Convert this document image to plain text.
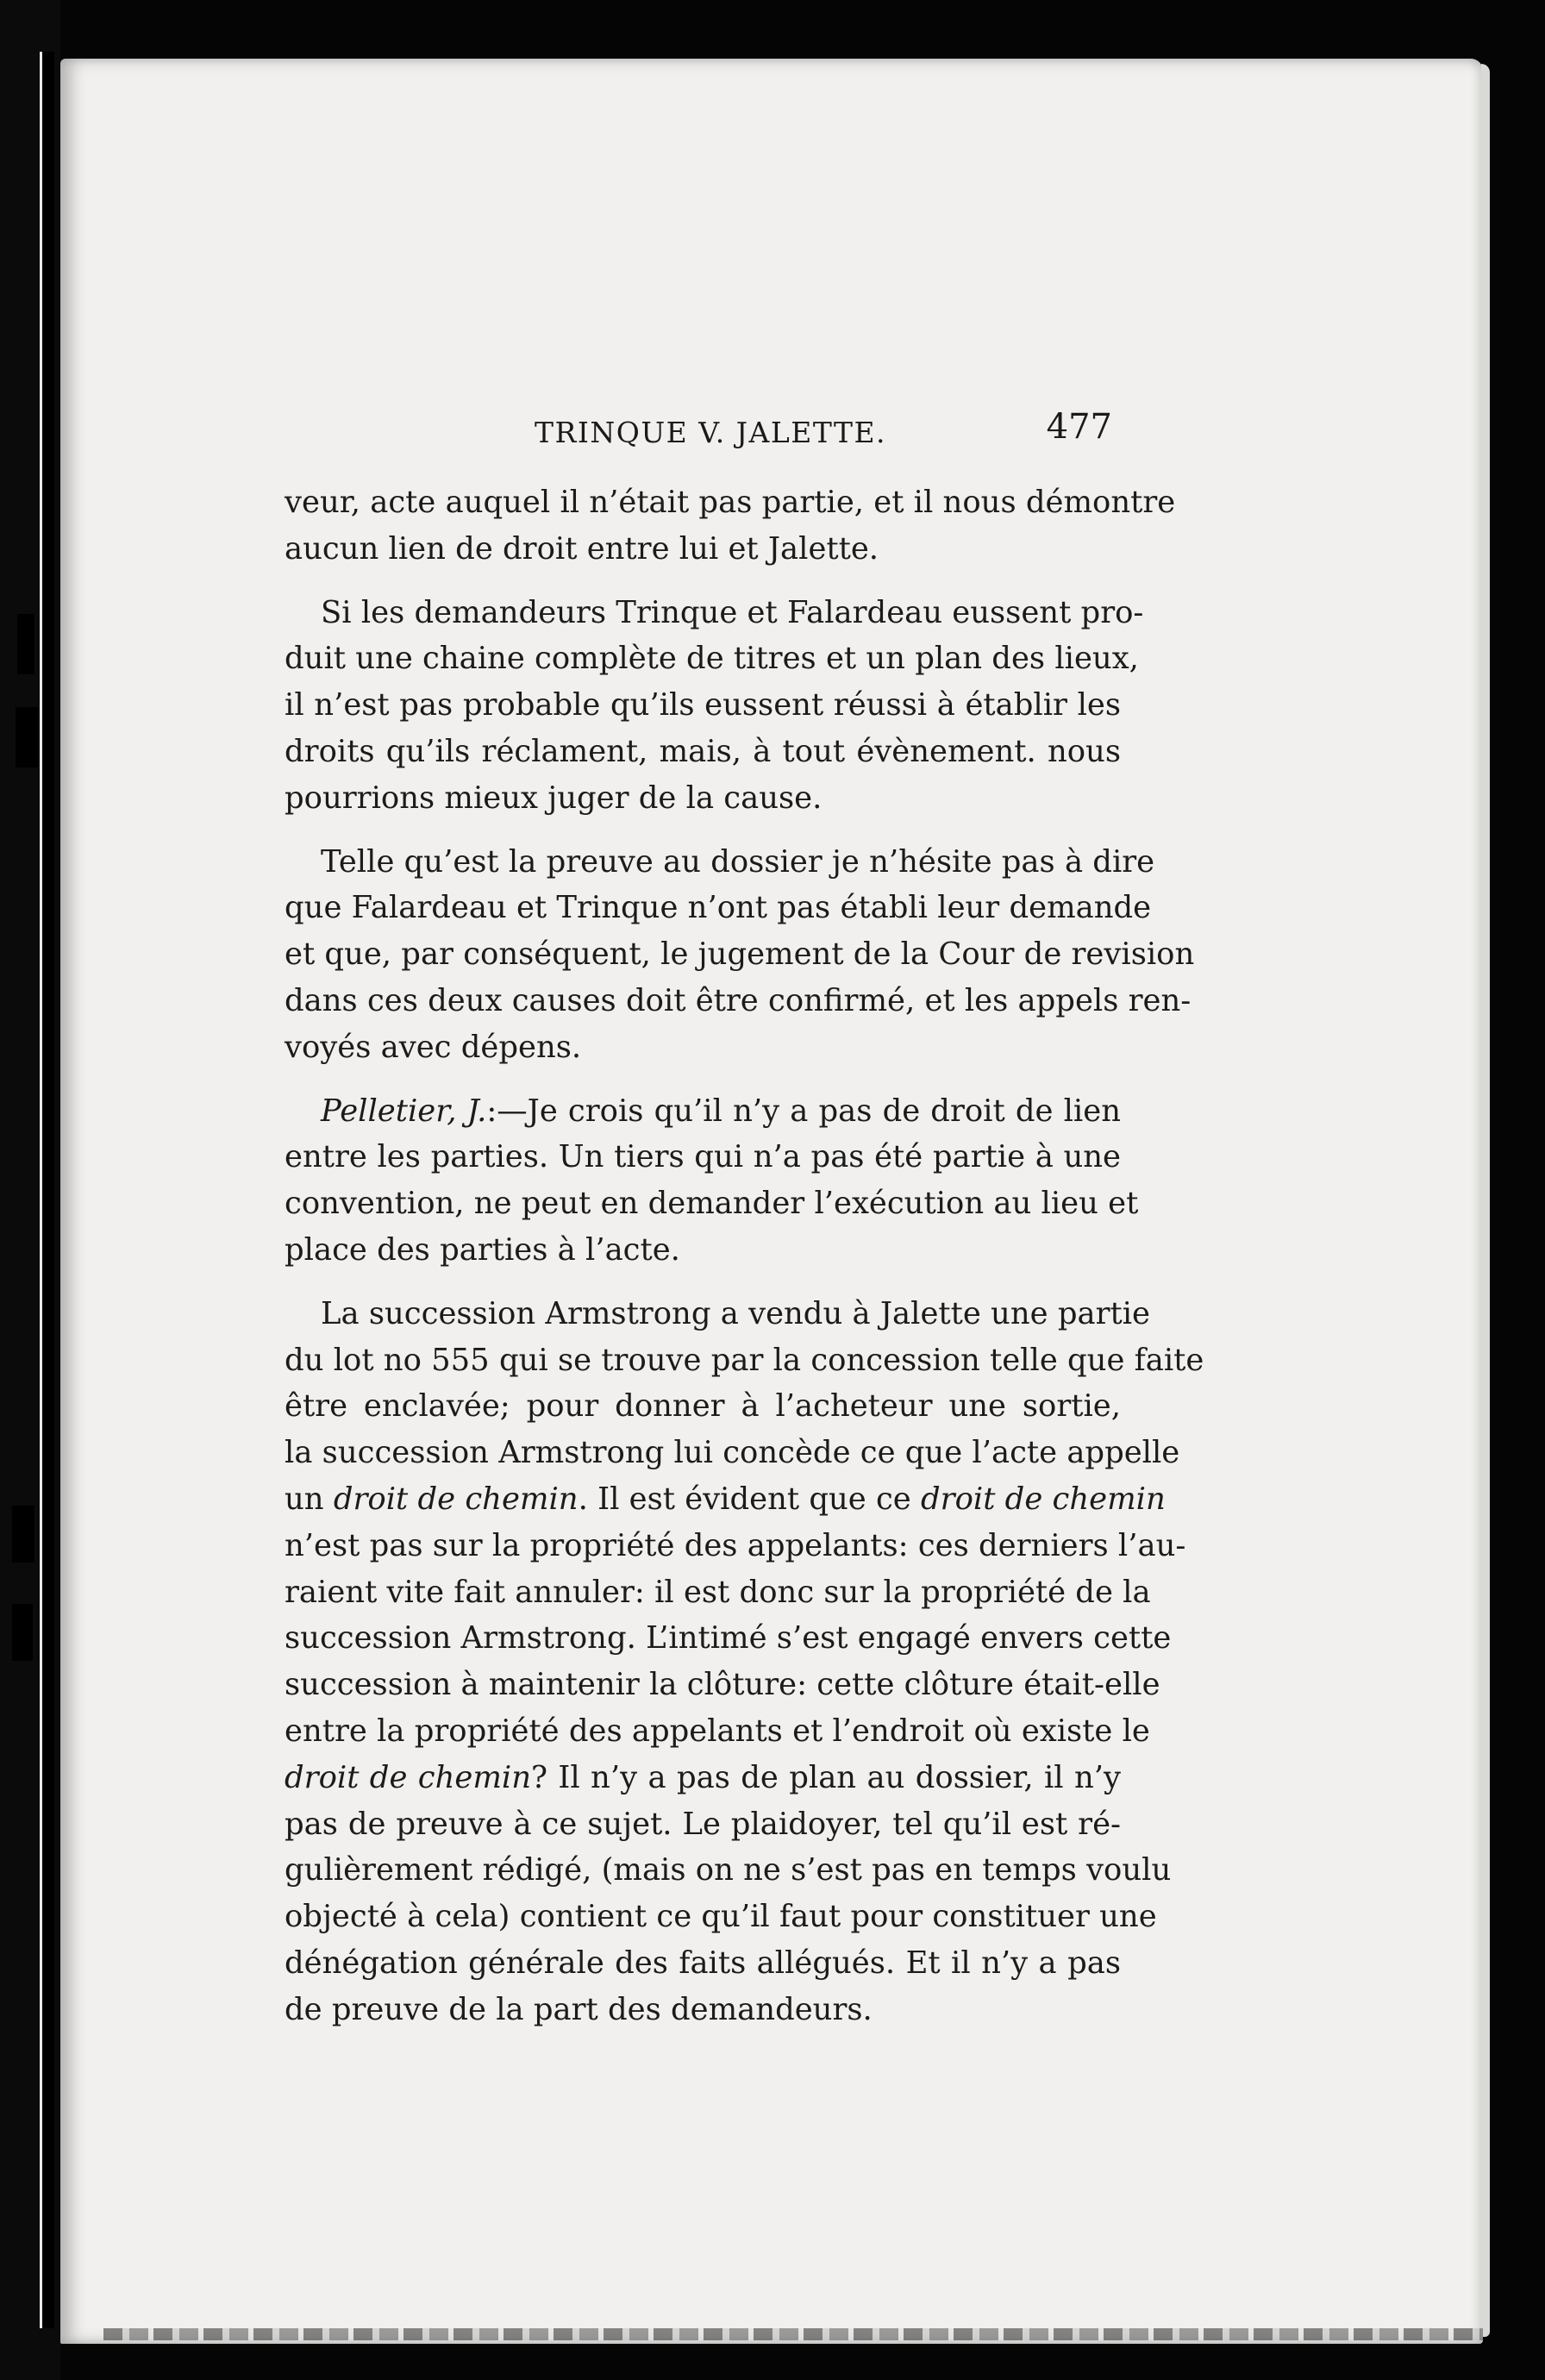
TRINQUE V. JALETTE.	477
veur, acte auquel il n’était pas partie, et il nous démontre
aucun lien de droit entre lui et Jalette.
Si les demandeurs Trinque et Falardeau eussent pro-
duit une chaine complète de titres et un plan des lieux,
il n’est pas probable qu’ils eussent réussi à établir les
droits qu’ils réclament, mais, à tout évènement. nous
pourrions mieux juger de la cause.
Telle qu’est la preuve au dossier je n’hésite pas à dire
que Falardeau et Trinque n’ont pas établi leur demande
et que, par conséquent, le jugement de la Cour de revision
dans ces deux causes doit être confirmé, et les appels ren-
voyés avec dépens.
Pelletier, J.:—Je crois qu’il n’y a pas de droit de lien
entre les parties. Un tiers qui n’a pas été partie à une
convention, ne peut en demander l’exécution au lieu et
place des parties à l’acte.
La succession Armstrong a vendu à Jalette une partie
du lot no 555 qui se trouve par la concession telle que faite
être enclavée; pour donner à l’acheteur une sortie,
la succession Armstrong lui concède ce que l’acte appelle
un droit de chemin. Il est évident que ce droit de chemin
n’est pas sur la propriété des appelants: ces derniers l’au-
raient vite fait annuler: il est donc sur la propriété de la
succession Armstrong. L’intimé s’est engagé envers cette
succession à maintenir la clôture: cette clôture était-elle
entre la propriété des appelants et l’endroit où existe le
droit de chemin? Il n’y a pas de plan au dossier, il n’y
pas de preuve à ce sujet. Le plaidoyer, tel qu’il est ré-
gulièrement rédigé, (mais on ne s’est pas en temps voulu
objecté à cela) contient ce qu’il faut pour constituer une
dénégation générale des faits allégués. Et il n’y a pas
de preuve de la part des demandeurs.
